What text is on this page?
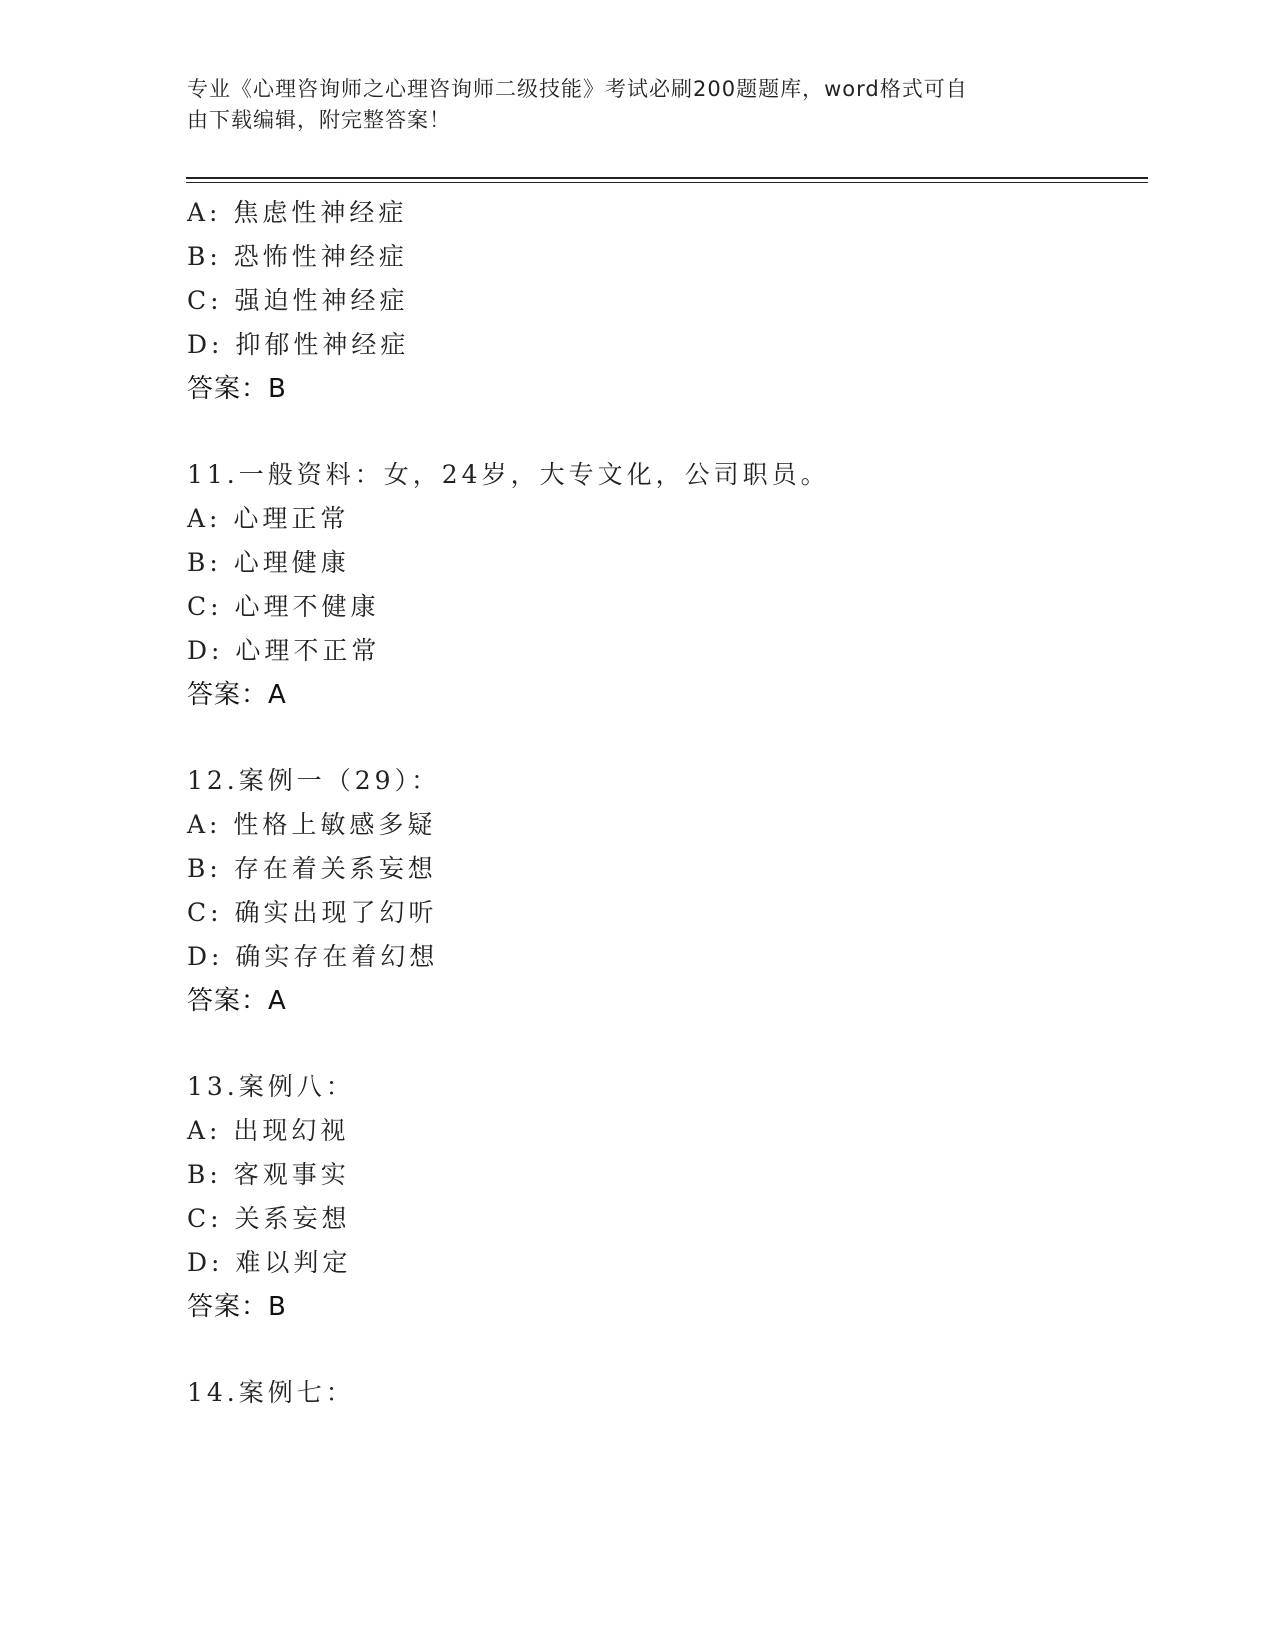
专业《心理咨询师之心理咨询师二级技能》考试必刷200题题库，word格式可自
由下载编辑，附完整答案！
A: 焦虑性神经症
B: 恐怖性神经症
C: 强迫性神经症
D: 抑郁性神经症
答案：B
11.一般资料：女，24岁，大专文化，公司职员。
A: 心理正常
B: 心理健康
C: 心理不健康
D: 心理不正常
答案：A
12.案例一（29）：
A: 性格上敏感多疑
B: 存在着关系妄想
C: 确实出现了幻听
D: 确实存在着幻想
答案：A
13.案例八：
A: 出现幻视
B: 客观事实
C: 关系妄想
D: 难以判定
答案：B
14.案例七：
